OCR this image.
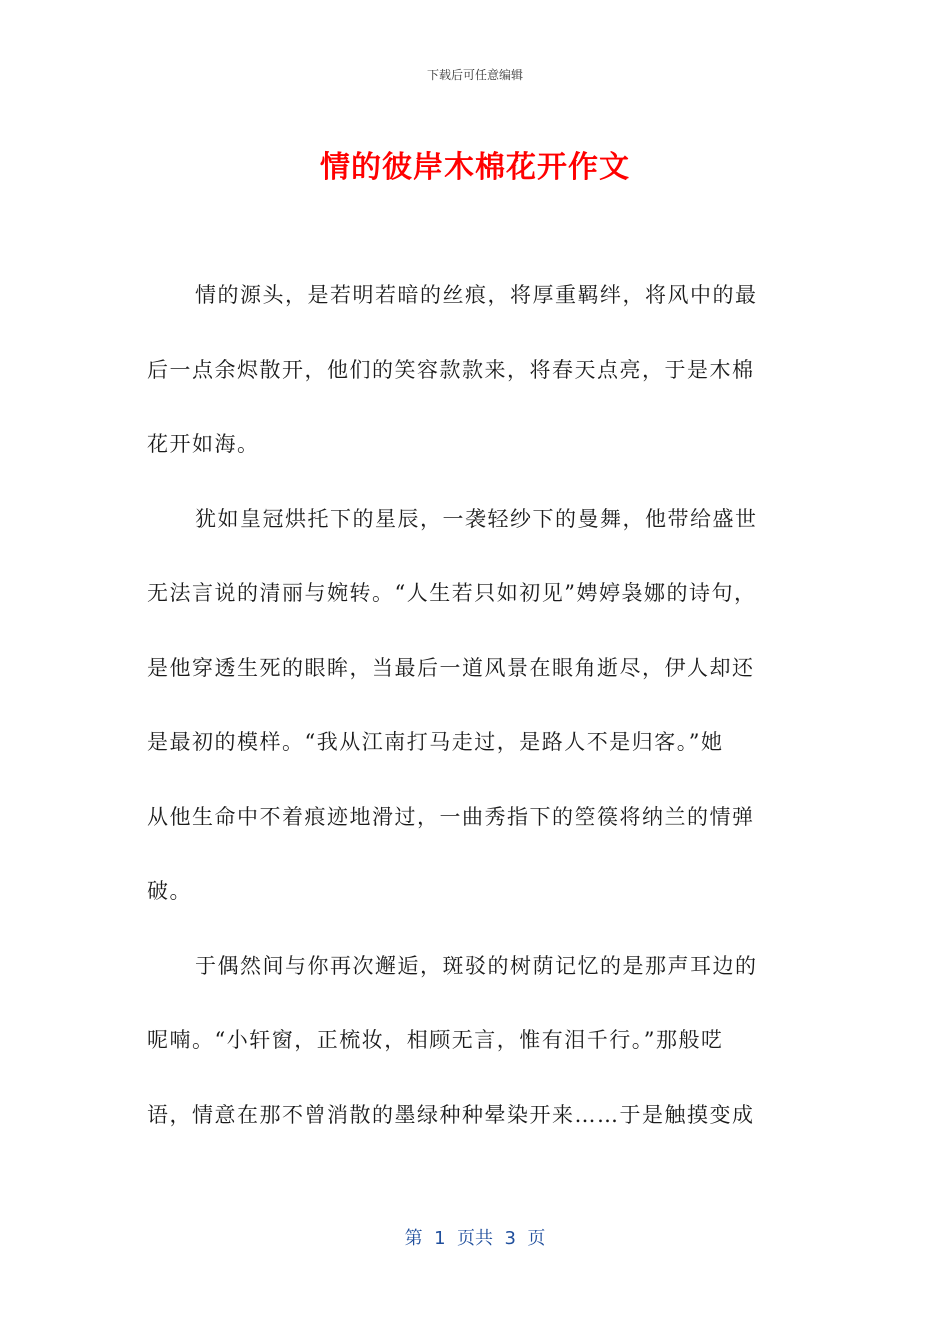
下载后可任意编辑
情的彼岸木棉花开作文
情的源头，是若明若暗的丝痕，将厚重羁绊，将风中的最
后一点余烬散开，他们的笑容款款来，将春天点亮，于是木棉
花开如海。
犹如皇冠烘托下的星辰，一袭轻纱下的曼舞，他带给盛世
无法言说的清丽与婉转。“人生若只如初见”娉婷袅娜的诗句，
是他穿透生死的眼眸，当最后一道风景在眼角逝尽，伊人却还
是最初的模样。“我从江南打马走过，是路人不是归客。”她
从他生命中不着痕迹地滑过，一曲秀指下的箜篌将纳兰的情弹
破。
于偶然间与你再次邂逅，斑驳的树荫记忆的是那声耳边的
呢喃。“小轩窗，正梳妆，相顾无言，惟有泪千行。”那般呓
语，情意在那不曾消散的墨绿种种晕染开来……于是触摸变成
第  1  页共  3  页
